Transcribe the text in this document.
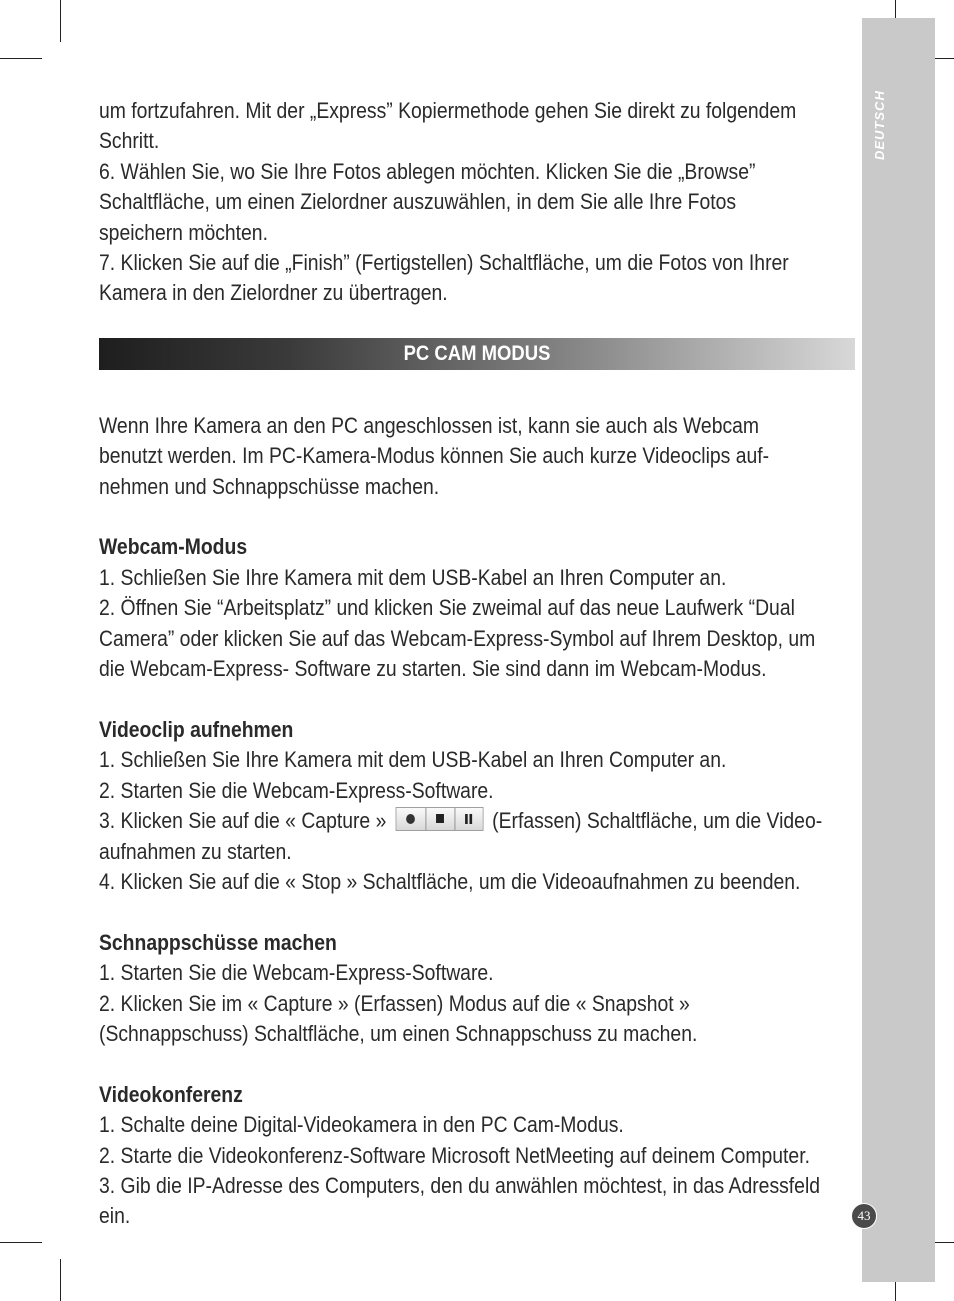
DEUTSCH
PC CAM MODUS

um fortzufahren. Mit der „Express” Kopiermethode gehen Sie direkt zu folgendem

Schritt.

6. Wählen Sie, wo Sie Ihre Fotos ablegen möchten. Klicken Sie die „Browse”

Schaltfläche, um einen Zielordner auszuwählen, in dem Sie alle Ihre Fotos

speichern möchten.

7. Klicken Sie auf die „Finish” (Fertigstellen) Schaltfläche, um die Fotos von Ihrer

Kamera in den Zielordner zu übertragen.

Wenn Ihre Kamera an den PC angeschlossen ist, kann sie auch als Webcam

benutzt werden. Im PC-Kamera-Modus können Sie auch kurze Videoclips auf-

nehmen und Schnappschüsse machen.

Webcam-Modus

1. Schließen Sie Ihre Kamera mit dem USB-Kabel an Ihren Computer an.

2. Öffnen Sie “Arbeitsplatz” und klicken Sie zweimal auf das neue Laufwerk “Dual

Camera” oder klicken Sie auf das Webcam-Express-Symbol auf Ihrem Desktop, um

die Webcam-Express- Software zu starten. Sie sind dann im Webcam-Modus.

Videoclip aufnehmen

1. Schließen Sie Ihre Kamera mit dem USB-Kabel an Ihren Computer an.

2. Starten Sie die Webcam-Express-Software.

3. Klicken Sie auf die « Capture »	(Erfassen) Schaltfläche, um die Video-

aufnahmen zu starten.

4. Klicken Sie auf die « Stop » Schaltfläche, um die Videoaufnahmen zu beenden.

Schnappschüsse machen

1. Starten Sie die Webcam-Express-Software.

2. Klicken Sie im « Capture » (Erfassen) Modus auf die « Snapshot »

(Schnappschuss) Schaltfläche, um einen Schnappschuss zu machen.

Videokonferenz

1. Schalte deine Digital-Videokamera in den PC Cam-Modus.

2. Starte die Videokonferenz-Software Microsoft NetMeeting auf deinem Computer.

3. Gib die IP-Adresse des Computers, den du anwählen möchtest, in das Adressfeld

ein.	43
